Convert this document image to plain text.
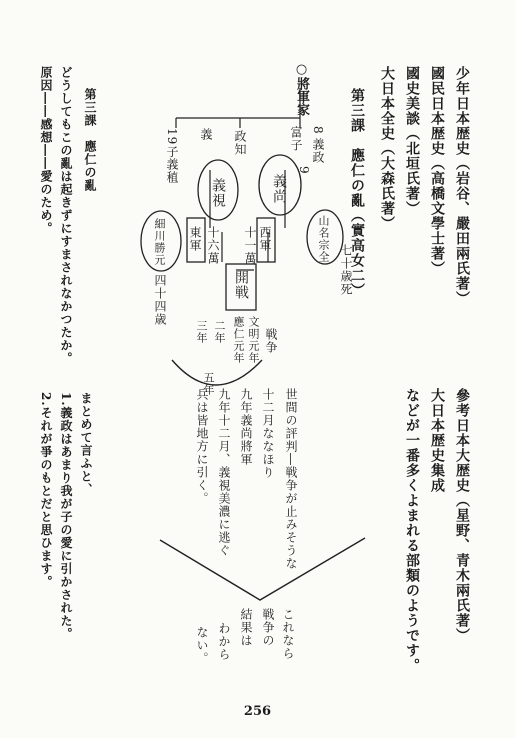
少年日本歴史（岩谷、嚴田兩氏著）
國民日本歴史（高橋文學士著）
國史美談（北垣氏著）
大日本全史（大森氏著）
第三課　應仁の亂（實高女二）
參考日本大歴史（星野、青木兩氏著）
大日本歴史集成
などが一番多くよまれる部類のようです。
○將軍家
8
義政
富子
9
義尚
政知
義
義視
19子
義稙
西軍
十一萬	山名宗全
七十歳死
東軍 十六萬
細川勝元
四十四歳	開戦
戦争
應仁元年 文明元年
二年
三年
五年
世間の評判―戦争が止みそうな
十二月ななほり
九年義尚將軍
九年十二月、義視美濃に逃ぐ
兵は皆地方に引く。
これなら
戦争の
結果は
わから
ない。
まとめて言ふと、
1.義政はあまり我が子の愛に引かされた。
2.それが爭のもとだと思ひます。
第三課　應仁の亂
どうしてもこの亂は起きずにすまされなかつたか。
原因――感想――愛のため。
256
